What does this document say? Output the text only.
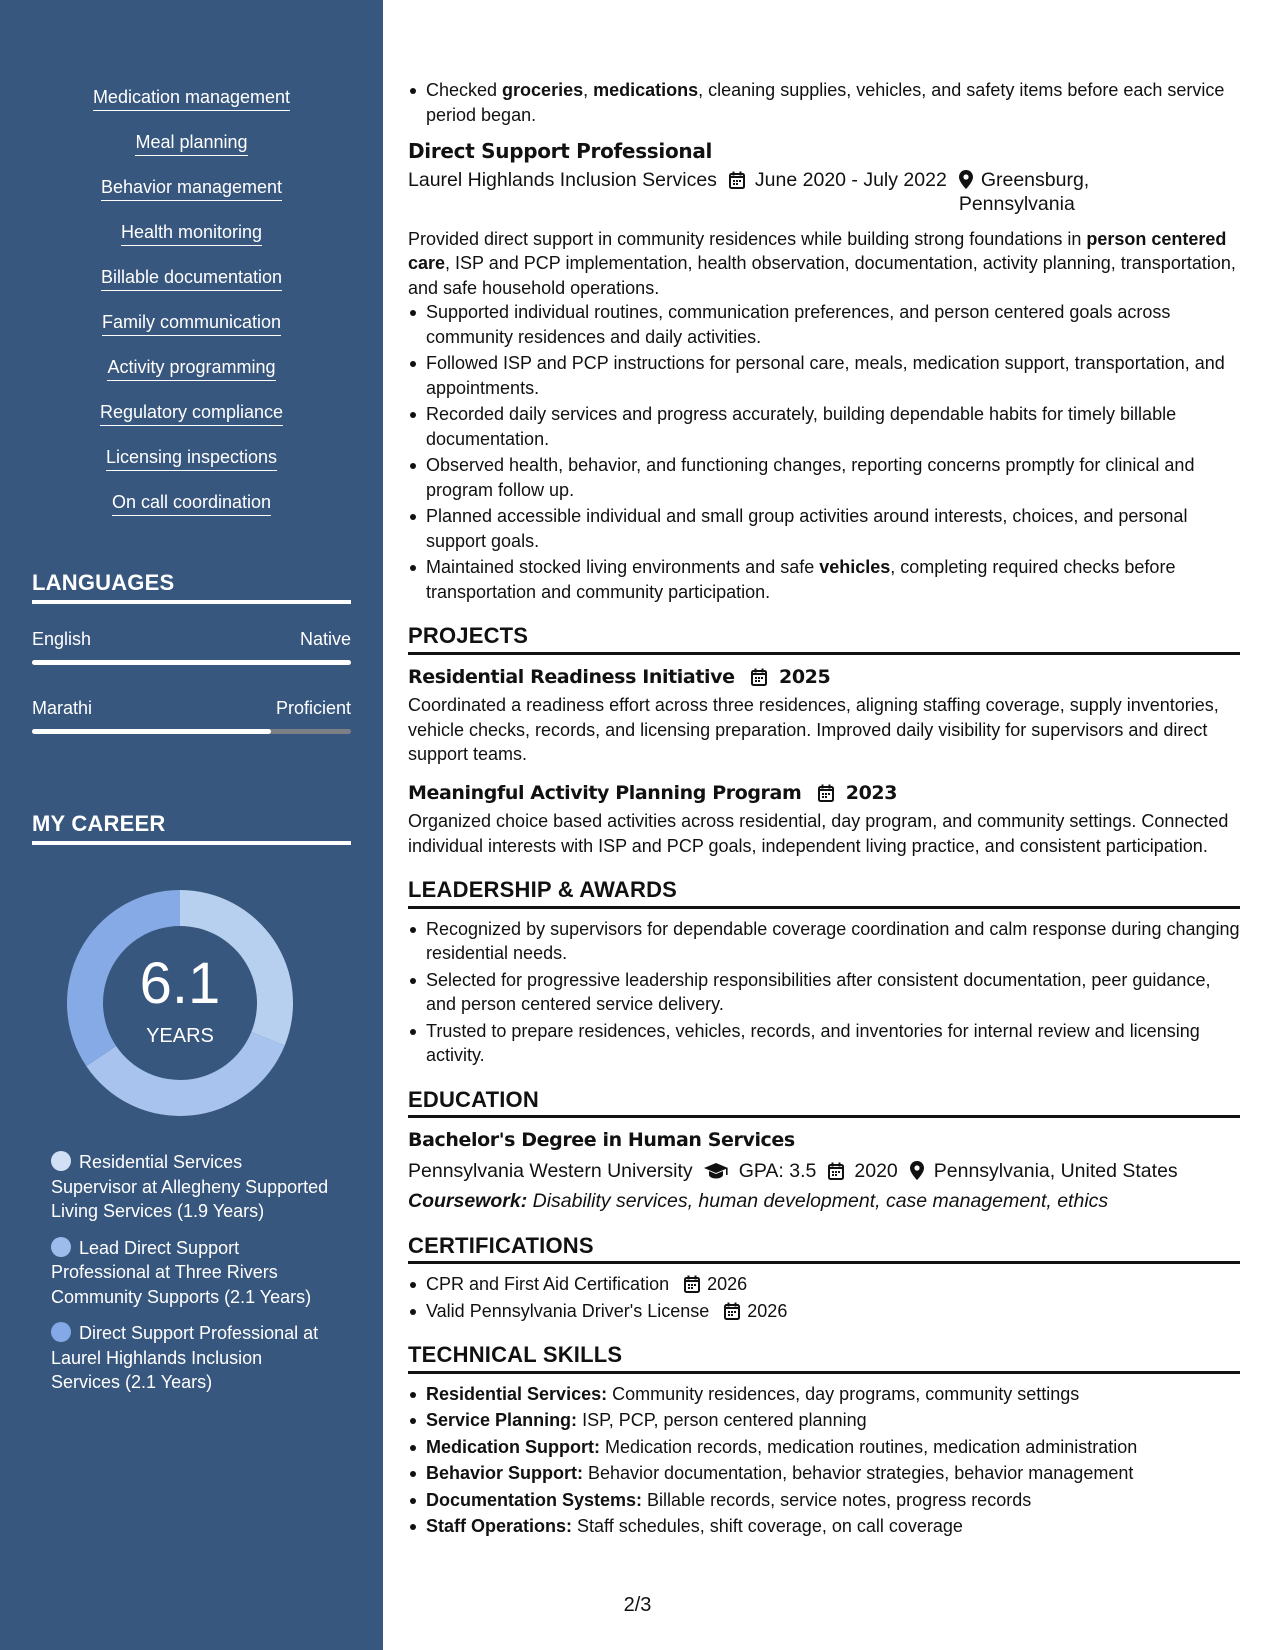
Medication management
Meal planning
Behavior management
Health monitoring
Billable documentation
Family communication
Activity programming
Regulatory compliance
Licensing inspections
On call coordination
LANGUAGES
English	Native
Marathi	Proficient
MY CAREER
6.1
YEARS
Residential Services Supervisor at Allegheny Supported Living Services (1.9 Years)
Lead Direct Support Professional at Three Rivers Community Supports (2.1 Years)
Direct Support Professional at Laurel Highlands Inclusion Services (2.1 Years)
Checked groceries, medications, cleaning supplies, vehicles, and safety items before each service period began.
Direct Support Professional
Laurel Highlands Inclusion Services June 2020 - July 2022 Greensburg,
Pennsylvania
Provided direct support in community residences while building strong foundations in person centered care, ISP and PCP implementation, health observation, documentation, activity planning, transportation, and safe household operations.
Supported individual routines, communication preferences, and person centered goals across community residences and daily activities.
Followed ISP and PCP instructions for personal care, meals, medication support, transportation, and appointments.
Recorded daily services and progress accurately, building dependable habits for timely billable documentation.
Observed health, behavior, and functioning changes, reporting concerns promptly for clinical and program follow up.
Planned accessible individual and small group activities around interests, choices, and personal support goals.
Maintained stocked living environments and safe vehicles, completing required checks before transportation and community participation.
PROJECTS
Residential Readiness Initiative 2025
Coordinated a readiness effort across three residences, aligning staffing coverage, supply inventories, vehicle checks, records, and licensing preparation. Improved daily visibility for supervisors and direct support teams.
Meaningful Activity Planning Program 2023
Organized choice based activities across residential, day program, and community settings. Connected individual interests with ISP and PCP goals, independent living practice, and consistent participation.
LEADERSHIP & AWARDS
Recognized by supervisors for dependable coverage coordination and calm response during changing residential needs.
Selected for progressive leadership responsibilities after consistent documentation, peer guidance, and person centered service delivery.
Trusted to prepare residences, vehicles, records, and inventories for internal review and licensing activity.
EDUCATION
Bachelor's Degree in Human Services
Pennsylvania Western University GPA: 3.5 2020 Pennsylvania, United States
Coursework: Disability services, human development, case management, ethics
CERTIFICATIONS
CPR and First Aid Certification 2026
Valid Pennsylvania Driver's License 2026
TECHNICAL SKILLS
Residential Services: Community residences, day programs, community settings
Service Planning: ISP, PCP, person centered planning
Medication Support: Medication records, medication routines, medication administration
Behavior Support: Behavior documentation, behavior strategies, behavior management
Documentation Systems: Billable records, service notes, progress records
Staff Operations: Staff schedules, shift coverage, on call coverage
2/3
